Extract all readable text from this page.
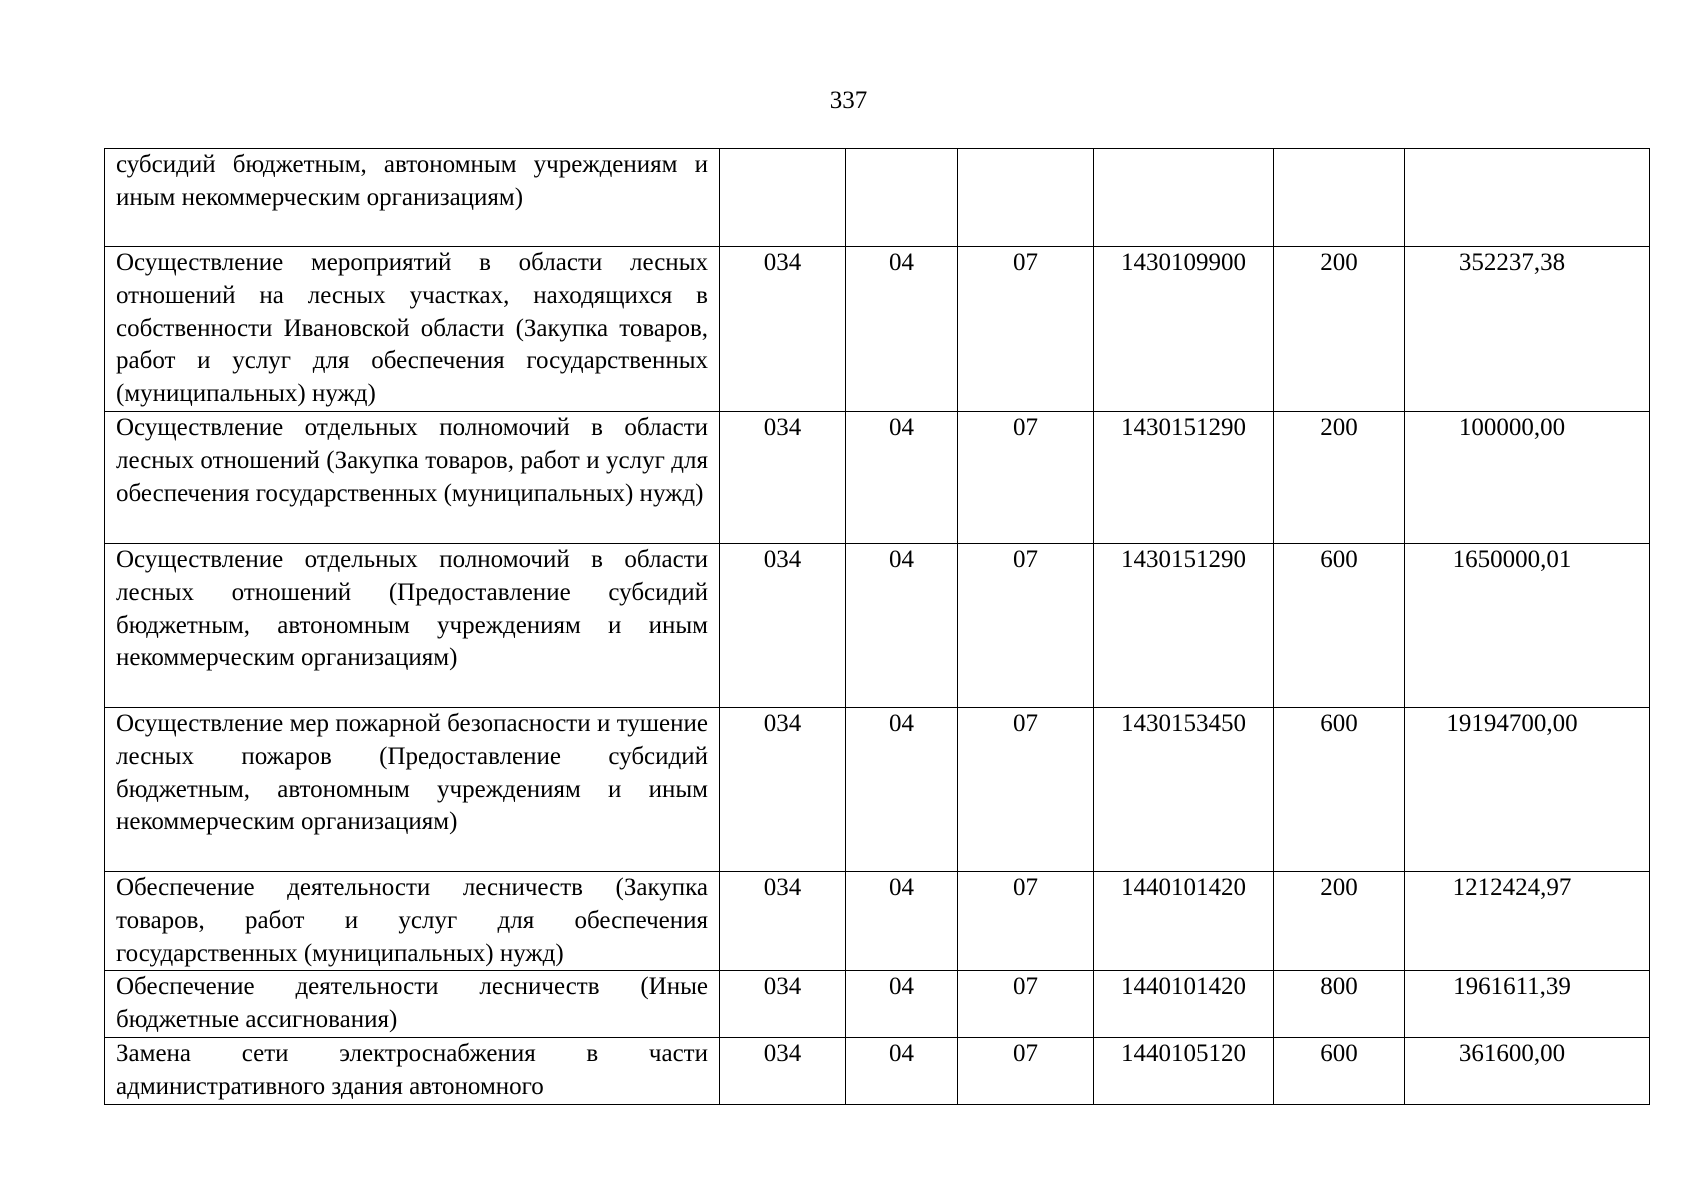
337
субсидий бюджетным, автономным учреждениям и иным некоммерческим организациям)						
Осуществление мероприятий в области лесных отношений на лесных участках, находящихся в собственности Ивановской области (Закупка товаров, работ и услуг для обеспечения государственных (муниципальных) нужд)	034	04	07	1430109900	200	352237,38
Осуществление отдельных полномочий в области лесных отношений (Закупка товаров, работ и услуг для обеспечения государственных (муниципальных) нужд)	034	04	07	1430151290	200	100000,00
Осуществление отдельных полномочий в области лесных отношений (Предоставление субсидий бюджетным, автономным учреждениям и иным некоммерческим организациям)	034	04	07	1430151290	600	1650000,01
Осуществление мер пожарной безопасности и тушение лесных пожаров (Предоставление субсидий бюджетным, автономным учреждениям и иным некоммерческим организациям)	034	04	07	1430153450	600	19194700,00
Обеспечение деятельности лесничеств (Закупка товаров, работ и услуг для обеспечения государственных (муниципальных) нужд)	034	04	07	1440101420	200	1212424,97
Обеспечение деятельности лесничеств (Иные бюджетные ассигнования)	034	04	07	1440101420	800	1961611,39
Замена сети электроснабжения в части административного здания автономного	034	04	07	1440105120	600	361600,00
